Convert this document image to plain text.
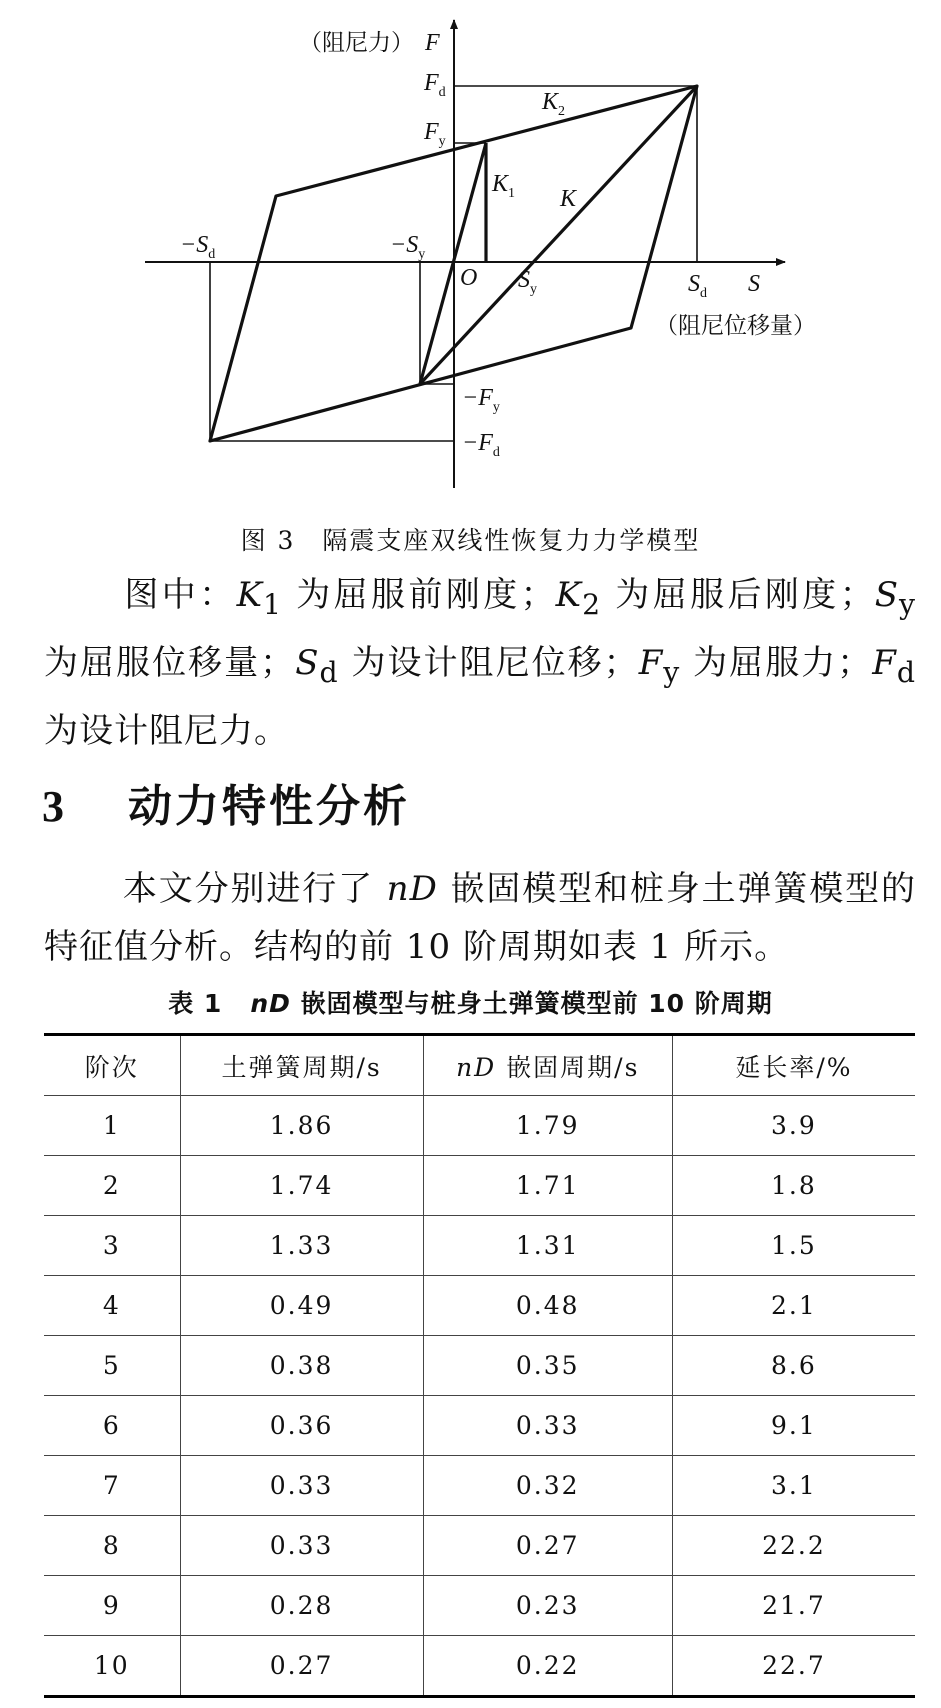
（阻尼力） F
$F_d$
$F_y$
$K_2$
$K_1$ K
$-S_d$	$-S_y$
O $S_y$	$S_d$ S
（阻尼位移量）
$-F_y$
$-F_d$
图 3　隔震支座双线性恢复力力学模型
图中：$K_1$ 为屈服前刚度；$K_2$ 为屈服后刚度；$S_y$ 为屈服位移量；$S_d$ 为设计阻尼位移；$F_y$ 为屈服力；$F_d$ 为设计阻尼力。
3 动力特性分析
本文分别进行了 nD 嵌固模型和桩身土弹簧模型的特征值分析。结构的前 10 阶周期如表 1 所示。
表 1 nD 嵌固模型与桩身土弹簧模型前 10 阶周期
阶次	土弹簧周期/s	nD 嵌固周期/s	延长率/%
1	1.86	1.79	3.9
2	1.74	1.71	1.8
3	1.33	1.31	1.5
4	0.49	0.48	2.1
5	0.38	0.35	8.6
6	0.36	0.33	9.1
7	0.33	0.32	3.1
8	0.33	0.27	22.2
9	0.28	0.23	21.7
10	0.27	0.22	22.7
